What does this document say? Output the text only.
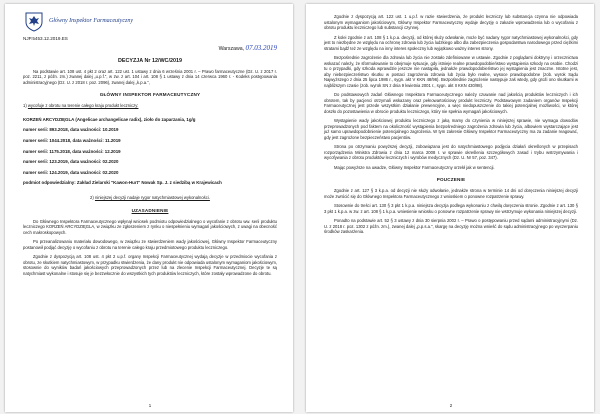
Główny Inspektor Farmaceutyczny

NJP.5453.12.2019.ES

Warszawa, 07.03.2019

DECYZJA Nr 12/WC/2019

Na podstawie art. 108 ust. 4 pkt 2 oraz art. 122 ust. 1 ustawy z dnia 6 września 2001 r. – Prawo farmaceutyczne (Dz. U. z 2017 r. poz. 2211, z późn. zm.) zwanej dalej „u.p.f.”, w zw. z art. 104 i art. 108 § 1 ustawy z dnia 14 czerwca 1960 r. - Kodeks postępowania administracyjnego (Dz. U. z 2018 r. poz. 2096), zwanej dalej „k.p.a.”,

GŁÓWNY INSPEKTOR FARMACEUTYCZNY

1) wycofuje z obrotu na terenie całego kraju produkt leczniczy:

KORZEŃ ARCYDZIĘGLA (Angelicae archangelicae radix), zioło do zaparzania, 1g/g

numer serii: 893.2018, data ważności: 10.2019

numer serii: 1044.2018, data ważności: 11.2019

numer serii: 1175.2018, data ważności: 12.2019

numer serii: 123.2019, data ważności: 02.2020

numer serii: 124.2019, data ważności: 02.2020

podmiot odpowiedzialny: Zakład Zielarski "Kawon-Hurt" Nowak Sp. J. z siedzibą w Krajewicach

2) niniejszej decyzji nadaje rygor natychmiastowej wykonalności.

UZASADNIENIE

Do Głównego Inspektora Farmaceutycznego wpłynął wniosek podmiotu odpowiedzialnego o wycofanie z obrotu ww. serii produktu leczniczego KORZEŃ ARCYDZIĘGLA, w związku ze zgłoszeniem z rynku o niespełnieniu wymagań jakościowych, z uwagi na obecność cech makroskopowych.

Po przeanalizowaniu materiału dowodowego, w związku ze stwierdzeniem wady jakościowej, Główny Inspektor Farmaceutyczny postanowił podjąć decyzję o wycofaniu z obrotu na terenie całego kraju przedmiotowego produktu leczniczego.

Zgodnie z dyspozycją art. 108 ust. 4 pkt 2 u.p.f. organy Inspekcji Farmaceutycznej wydają decyzje w przedmiocie wycofania z obrotu, ze skutkiem natychmiastowym, w przypadku stwierdzenia, że dany produkt nie odpowiada ustalonym wymaganiom jakościowym, stosownie do wyników badań jakościowych przeprowadzonych przez lub na zlecenie Inspekcji Farmaceutycznej. Decyzje te są natychmiast wykonalne i stosuje się je bezzwłocznie do wszystkich tych produktów leczniczych, które zostały wprowadzone do obrotu.

1

Zgodnie z dyspozycją art. 122 ust. 1 u.p.f. w razie stwierdzenia, że produkt leczniczy lub substancja czynna nie odpowiada ustalonym wymaganiom jakościowym, Główny Inspektor Farmaceutyczny wydaje decyzję o zakazie wprowadzenia lub o wycofaniu z obrotu produktu leczniczego lub substancji czynnej.

Z kolei zgodnie z art. 108 § 1 k.p.a. decyzji, od której służy odwołanie, może być nadany rygor natychmiastowej wykonalności, gdy jest to niezbędne ze względu na ochronę zdrowia lub życia ludzkiego albo dla zabezpieczenia gospodarstwa narodowego przed ciężkimi stratami bądź też ze względu na inny interes społeczny lub wyjątkowo ważny interes strony.

Bezpośrednie zagrożenie dla zdrowia lub życia nie zostało zdefiniowane w ustawie. Zgodnie z poglądami doktryny i orzecznictwa wskazać należy, że sformułowanie to obejmuje sytuacje, gdy istnieje realne prawdopodobieństwo wystąpienia szkody na osobie. Chodzi tu o przypadki, gdy szkoda wprawdzie jeszcze nie nastąpiła, jednakże prawdopodobieństwo jej wystąpienia jest znaczne. Istotne jest, aby niebezpieczeństwo skutku w postaci zagrożenia zdrowia lub życia było realne, wysoce prawdopodobne (zob. wyrok Sądu Najwyższego z dnia 25 lipca 1986 r., sygn. akt V KKN 48/96). Bezpośrednie zagrożenie następuje zaś wtedy, gdy groźi ono skutkami w najbliższym czasie (zob. wyrok SN z dnia 9 kwietnia 2001 r., sygn. akt II KKN 430/98).

Do podstawowych zadań Głównego Inspektora Farmaceutycznego należy czuwanie nad jakością produktów leczniczych i ich obrotem, tak by pacjenci otrzymali wskazany oraz pełnowartościowy produkt leczniczy. Podstawowym zadaniem organów Inspekcji Farmaceutycznej jest przede wszystkim działanie prewencyjne, a więc niedopuszczenie do takiej potencjalnej możliwości, w której doszło do pozostawienia w obrocie produktu leczniczego, który nie spełnia wymagań jakościowych.

Wystąpienie wady jakościowej produktu leczniczego z jaką mamy do czynienia w niniejszej sprawie, nie wymaga dowodów przeprowadzonych pod faktem na okoliczność wystąpienia bezpośredniego zagrożenia zdrowia lub życia, albowiem wystarczające jest już samo uprawdopodobnienie potencjalnego zagrożenia. W tym zakresie Główny Inspektor Farmaceutyczny ma za zadanie reagować, gdy jest zagrożone bezpieczeństwo pacjentów.

Strona po otrzymaniu powyższej decyzji, zobowiązana jest do natychmiastowego podjęcia działań określonych w przepisach rozporządzenia Ministra Zdrowia z dnia 12 marca 2008 r. w sprawie określenia szczegółowych zasad i trybu wstrzymywania i wycofywania z obrotu produktów leczniczych i wyrobów medycznych (Dz. U. Nr 57, poz. 347).

Mając powyższe na uwadze, Główny Inspektor Farmaceutyczny orzekł jak w sentencji.

POUCZENIE

Zgodnie z art. 127 § 3 k.p.a. od decyzji nie służy odwołanie, jednakże strona w terminie 14 dni od doręczenia niniejszej decyzji może zwrócić się do Głównego Inspektora Farmaceutycznego z wnioskiem o ponowne rozpatrzenie sprawy.

Stosownie do treści art. 130 § 3 pkt 1 k.p.a. niniejsza decyzja podlega wykonaniu z chwilą doręczenia stronie. Zgodnie z art. 130 § 3 pkt 1 k.p.a. w zw. z art. 108 § 1 k.p.a. wniesienie wniosku o ponowne rozpatrzenie sprawy nie wstrzymuje wykonania niniejszej decyzji.

Ponadto na podstawie art. 52 § 3 ustawy z dnia 30 sierpnia 2002 r. – Prawo o postępowaniu przed sądami administracyjnymi (Dz. U. z 2018 r. poz. 1302 z późn. zm.), zwanej dalej „p.p.s.a.”, skargę na decyzję można wnieść do sądu administracyjnego po wyczerpaniu środków zaskarżenia.

2
